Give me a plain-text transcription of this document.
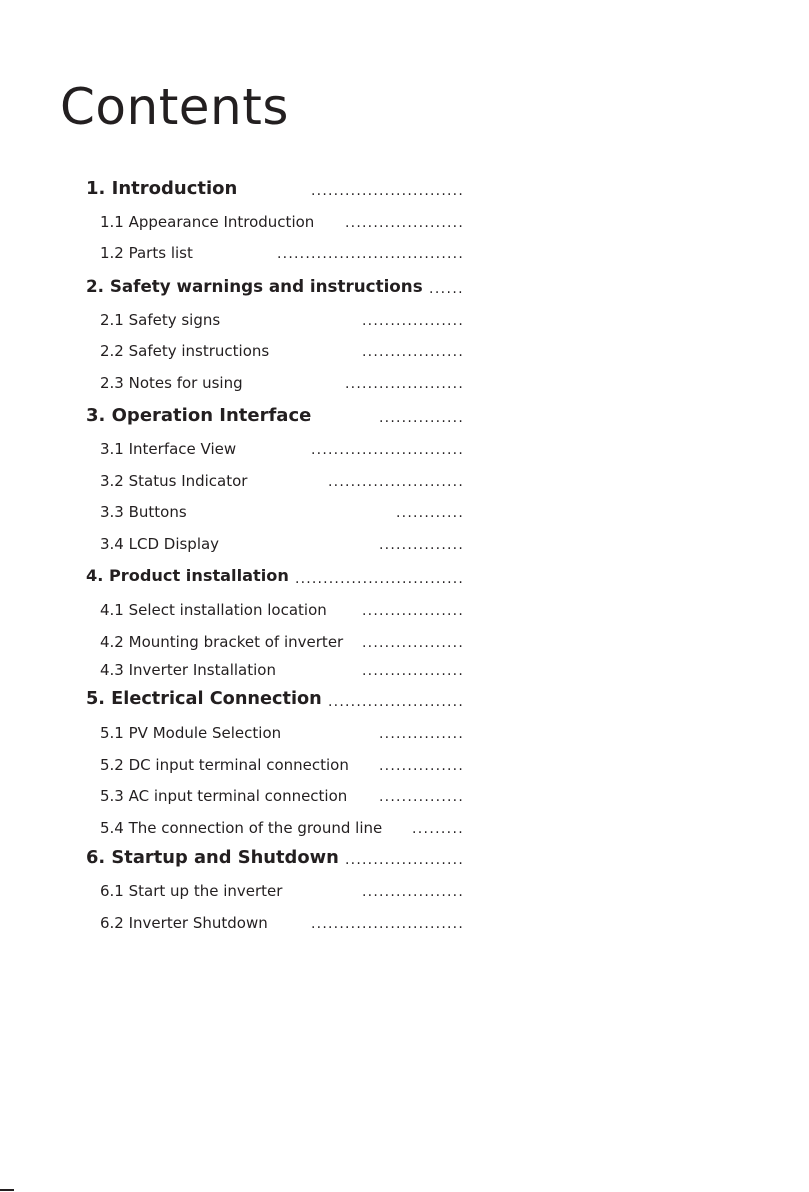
Contents
1. Introduction	...........................
1.1 Appearance Introduction .....................
1.2 Parts list	.................................
2. Safety warnings and instructions ......
2.1 Safety signs	..................
2.2 Safety instructions	..................
2.3 Notes for using	.....................
3. Operation Interface	...............
3.1 Interface View	...........................
3.2 Status Indicator	........................
3.3 Buttons	............
3.4 LCD Display	...............
4. Product installation ..............................
4.1 Select installation location	..................
4.2 Mounting bracket of inverter ..................
4.3 Inverter Installation	..................
5. Electrical Connection ........................
5.1 PV Module Selection	...............
5.2 DC input terminal connection ...............
5.3 AC input terminal connection ...............
5.4 The connection of the ground line .........
6. Startup and Shutdown .....................
6.1 Start up the inverter	..................
6.2 Inverter Shutdown	...........................
